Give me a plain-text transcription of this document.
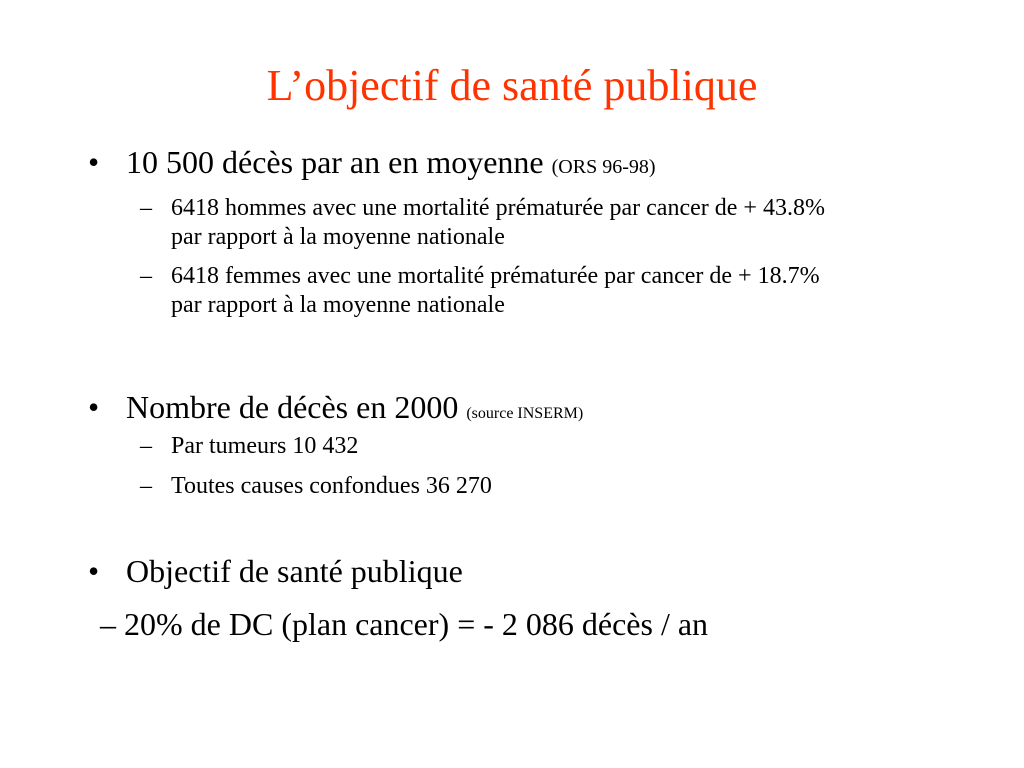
L’objectif de santé publique
• 10 500 décès par an en moyenne (ORS 96-98)
– 6418 hommes avec une mortalité prématurée par cancer de + 43.8%
par rapport à la moyenne nationale
– 6418 femmes avec une mortalité prématurée par cancer de + 18.7%
par rapport à la moyenne nationale
• Nombre de décès en 2000 (source INSERM)
– Par tumeurs 10 432
– Toutes causes confondues 36 270
• Objectif de santé publique
– 20% de DC (plan cancer) = - 2 086 décès / an
